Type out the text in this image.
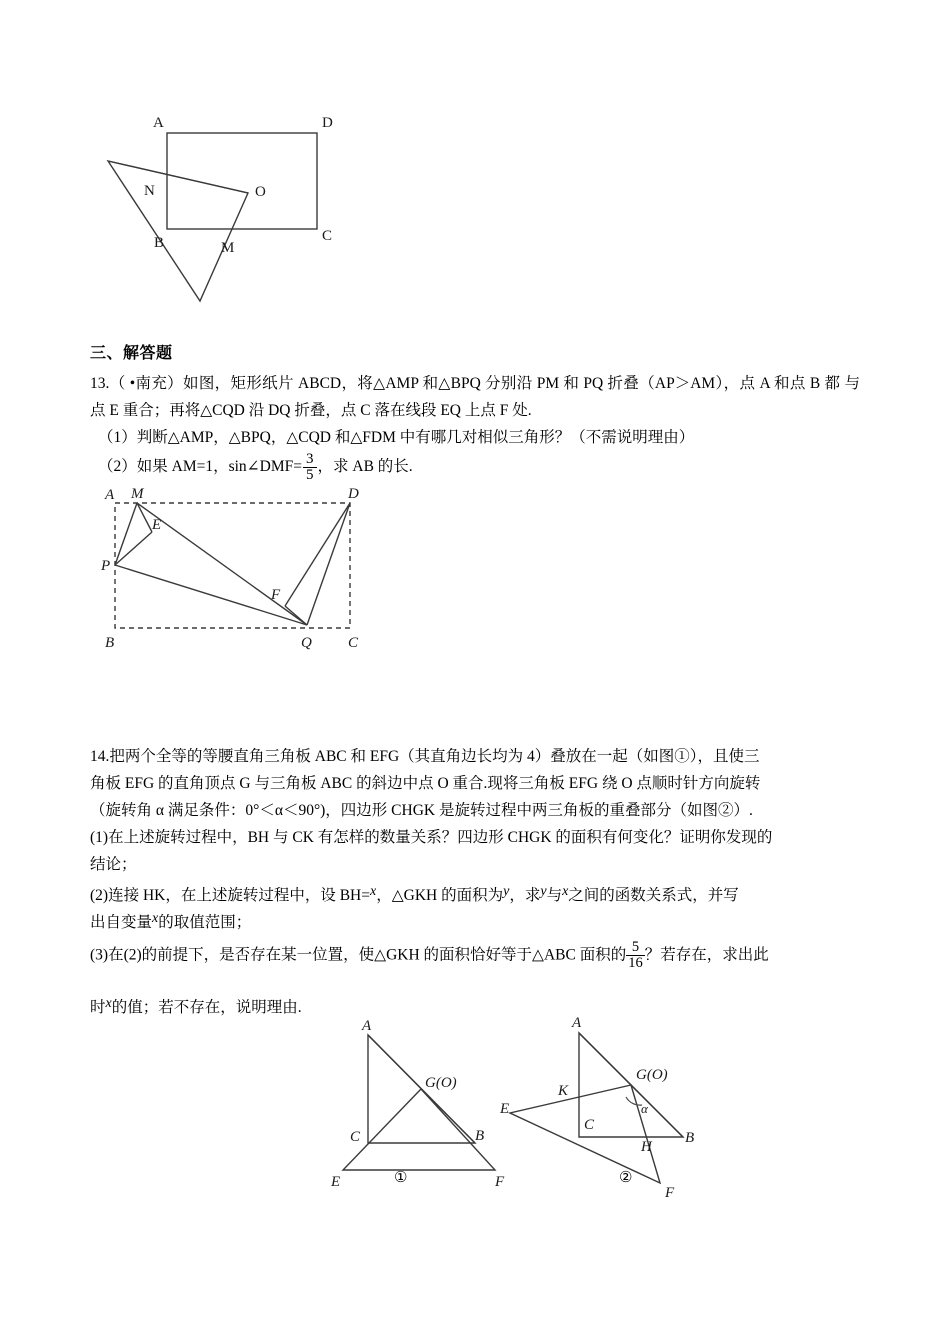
A	D
N	O
B	M
C
三、解答题
13.（ •南充）如图，矩形纸片 ABCD，将△AMP 和△BPQ 分别沿 PM 和 PQ 折叠（AP＞AM），点 A 和点 B 都 与点 E 重合；再将△CQD 沿 DQ 折叠，点 C 落在线段 EQ 上点 F 处.
（1）判断△AMP，△BPQ，△CQD 和△FDM 中有哪几对相似三角形？（不需说明理由）
（2）如果 AM=1，sin∠DMF= $\frac{3}{5}$ ，求 AB 的长.
A M	D
E
P
F
B	Q C
14.把两个全等的等腰直角三角板 ABC 和 EFG（其直角边长均为 4）叠放在一起（如图①），且使三
角板 EFG 的直角顶点 G 与三角板 ABC 的斜边中点 O 重合.现将三角板 EFG 绕 O 点顺时针方向旋转
（旋转角 α 满足条件：0°＜α＜90°)，四边形 CHGK 是旋转过程中两三角板的重叠部分（如图②）.
(1)在上述旋转过程中，BH 与 CK 有怎样的数量关系？四边形 CHGK 的面积有何变化？证明你发现的
结论；
(2)连接 HK，在上述旋转过程中，设 BH=x，△GKH 的面积为y，求y与x之间的函数关系式，并写
出自变量x的取值范围；
(3)在(2)的前提下，是否存在某一位置，使△GKH 的面积恰好等于△ABC 面积的 $\frac{5}{16}$ ？若存在，求出此
时x的值；若不存在，说明理由.
A
G(O)
C	B
E	F
①
A
G(O)
K
E
C
α
H
B
F
②
